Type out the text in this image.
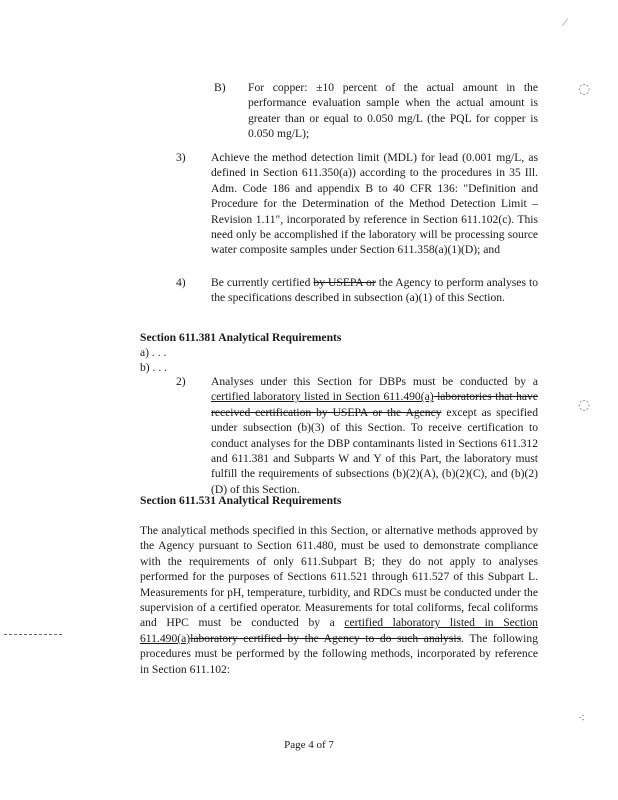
B) For copper: ±10 percent of the actual amount in the performance evaluation sample when the actual amount is greater than or equal to 0.050 mg/L (the PQL for copper is 0.050 mg/L);
3) Achieve the method detection limit (MDL) for lead (0.001 mg/L, as defined in Section 611.350(a)) according to the procedures in 35 Ill. Adm. Code 186 and appendix B to 40 CFR 136: "Definition and Procedure for the Determination of the Method Detection Limit – Revision 1.11", incorporated by reference in Section 611.102(c). This need only be accomplished if the laboratory will be processing source water composite samples under Section 611.358(a)(1)(D); and
4) Be currently certified by USEPA or the Agency to perform analyses to the specifications described in subsection (a)(1) of this Section.
Section 611.381 Analytical Requirements
a) . . .
b) . . .
2) Analyses under this Section for DBPs must be conducted by a certified laboratory listed in Section 611.490(a) laboratories that have received certification by USEPA or the Agency except as specified under subsection (b)(3) of this Section. To receive certification to conduct analyses for the DBP contaminants listed in Sections 611.312 and 611.381 and Subparts W and Y of this Part, the laboratory must fulfill the requirements of subsections (b)(2)(A), (b)(2)(C), and (b)(2)(D) of this Section.
Section 611.531 Analytical Requirements
The analytical methods specified in this Section, or alternative methods approved by the Agency pursuant to Section 611.480, must be used to demonstrate compliance with the requirements of only 611.Subpart B; they do not apply to analyses performed for the purposes of Sections 611.521 through 611.527 of this Subpart L. Measurements for pH, temperature, turbidity, and RDCs must be conducted under the supervision of a certified operator. Measurements for total coliforms, fecal coliforms and HPC must be conducted by a certified laboratory listed in Section 611.490(a)laboratory certified by the Agency to do such analysis. The following procedures must be performed by the following methods, incorporated by reference in Section 611.102:
Page 4 of 7
◌
◌
⁄
⁖
